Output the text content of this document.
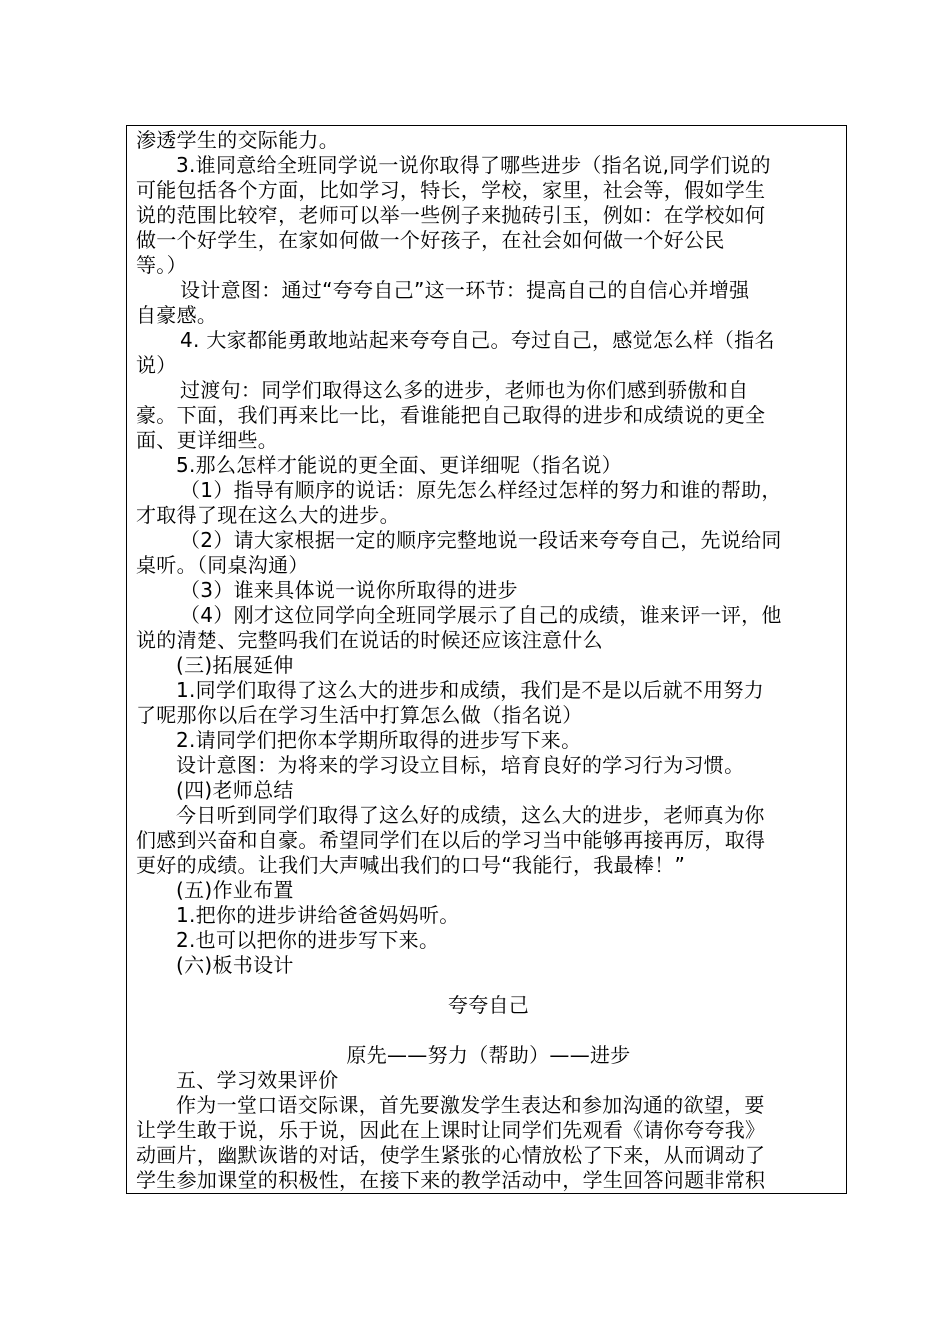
渗透学生的交际能力。
3.谁同意给全班同学说一说你取得了哪些进步（指名说,同学们说的
可能包括各个方面，比如学习，特长，学校，家里，社会等，假如学生
说的范围比较窄，老师可以举一些例子来抛砖引玉，例如：在学校如何
做一个好学生，在家如何做一个好孩子，在社会如何做一个好公民
等。）
设计意图：通过“夸夸自己”这一环节：提高自己的自信心并增强
自豪感。
4. 大家都能勇敢地站起来夸夸自己。夸过自己，感觉怎么样（指名
说）
过渡句：同学们取得这么多的进步，老师也为你们感到骄傲和自
豪。下面，我们再来比一比，看谁能把自己取得的进步和成绩说的更全
面、更详细些。
5.那么怎样才能说的更全面、更详细呢（指名说）
（1）指导有顺序的说话：原先怎么样经过怎样的努力和谁的帮助，
才取得了现在这么大的进步。
（2）请大家根据一定的顺序完整地说一段话来夸夸自己，先说给同
桌听。（同桌沟通）
（3）谁来具体说一说你所取得的进步
（4）刚才这位同学向全班同学展示了自己的成绩，谁来评一评，他
说的清楚、完整吗我们在说话的时候还应该注意什么
(三)拓展延伸
1.同学们取得了这么大的进步和成绩，我们是不是以后就不用努力
了呢那你以后在学习生活中打算怎么做（指名说）
2.请同学们把你本学期所取得的进步写下来。
设计意图：为将来的学习设立目标，培育良好的学习行为习惯。
(四)老师总结
今日听到同学们取得了这么好的成绩，这么大的进步，老师真为你
们感到兴奋和自豪。希望同学们在以后的学习当中能够再接再厉，取得
更好的成绩。让我们大声喊出我们的口号“我能行，我最棒！”
(五)作业布置
1.把你的进步讲给爸爸妈妈听。
2.也可以把你的进步写下来。
(六)板书设计
夸夸自己
原先——努力（帮助）——进步
五、学习效果评价
作为一堂口语交际课，首先要激发学生表达和参加沟通的欲望，要
让学生敢于说，乐于说，因此在上课时让同学们先观看《请你夸夸我》
动画片，幽默诙谐的对话，使学生紧张的心情放松了下来，从而调动了
学生参加课堂的积极性，在接下来的教学活动中，学生回答问题非常积
